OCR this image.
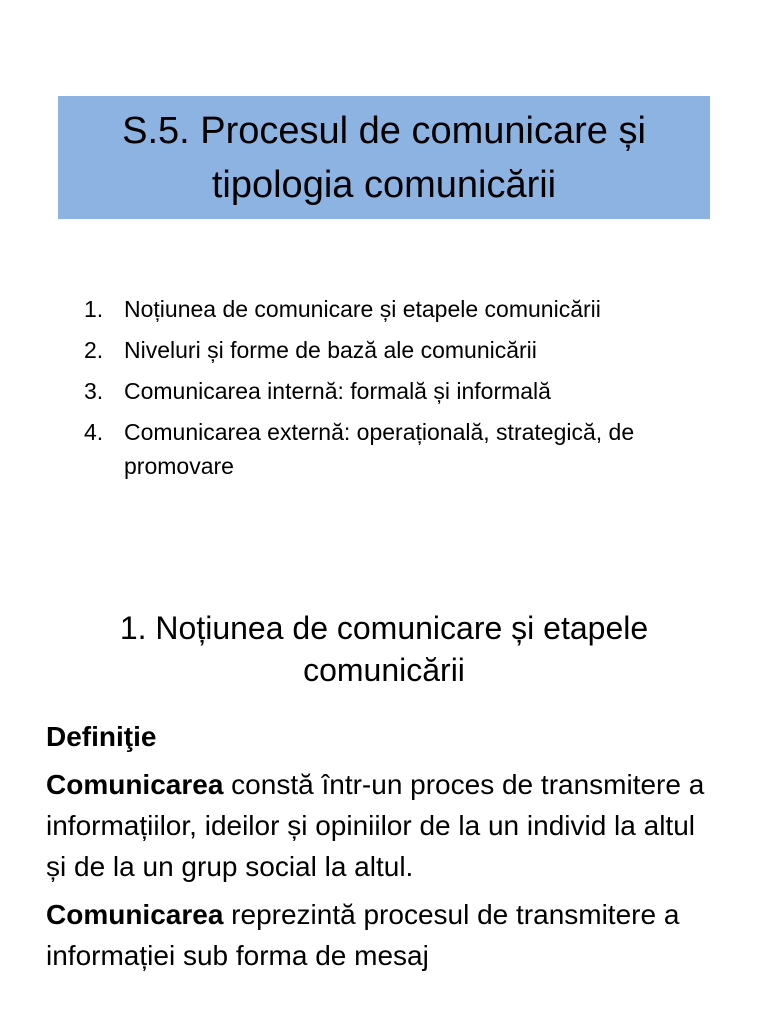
S.5. Procesul de comunicare și tipologia comunicării
1. Noțiunea de comunicare și etapele comunicării
2. Niveluri și forme de bază ale comunicării
3. Comunicarea internă: formală și informală
4. Comunicarea externă: operațională, strategică, de promovare
1. Noțiunea de comunicare și etapele comunicării

Definiţie

Comunicarea constă într-un proces de transmitere a informațiilor, ideilor și opiniilor de la un individ la altul și de la un grup social la altul.

Comunicarea reprezintă procesul de transmitere a informației sub forma de mesaj
